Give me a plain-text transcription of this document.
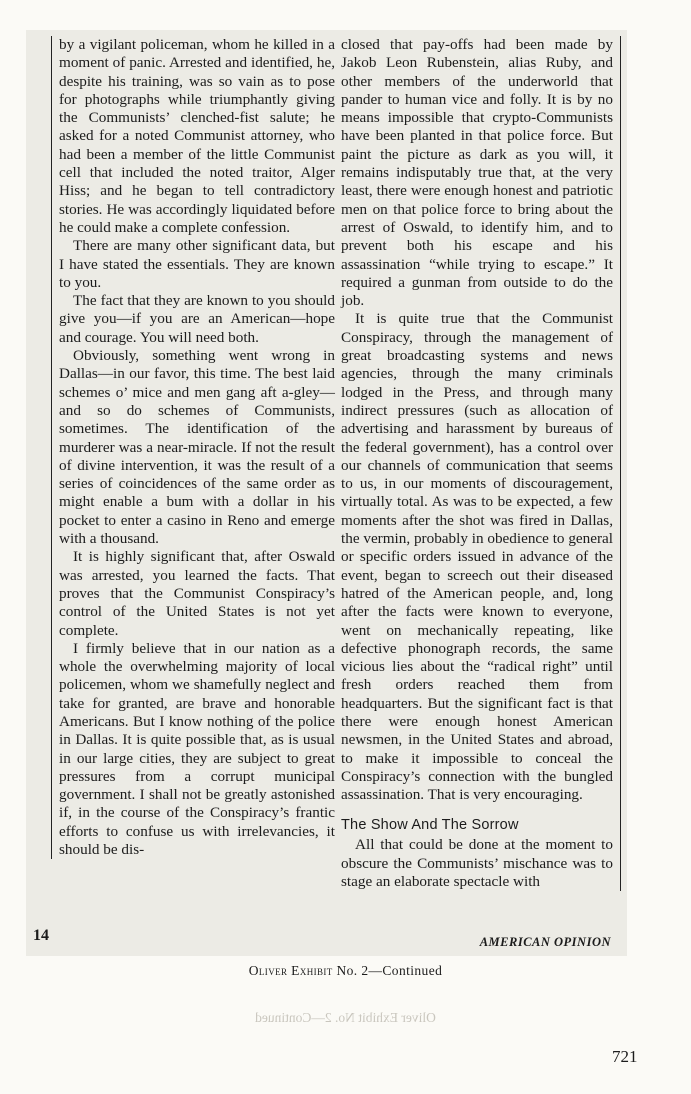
by a vigilant policeman, whom he killed in a moment of panic. Arrested and identified, he, despite his training, was so vain as to pose for photographs while triumphantly giving the Communists’ clenched-fist salute; he asked for a noted Communist attorney, who had been a member of the little Communist cell that included the noted traitor, Alger Hiss; and he began to tell contradictory stories. He was accordingly liquidated before he could make a complete confession.

There are many other significant data, but I have stated the essentials. They are known to you.

The fact that they are known to you should give you—if you are an American—hope and courage. You will need both.

Obviously, something went wrong in Dallas—in our favor, this time. The best laid schemes o’ mice and men gang aft a-gley—and so do schemes of Communists, sometimes. The identification of the murderer was a near-miracle. If not the result of divine intervention, it was the result of a series of coincidences of the same order as might enable a bum with a dollar in his pocket to enter a casino in Reno and emerge with a thousand.

It is highly significant that, after Oswald was arrested, you learned the facts. That proves that the Communist Conspiracy’s control of the United States is not yet complete.

I firmly believe that in our nation as a whole the overwhelming majority of local policemen, whom we shamefully neglect and take for granted, are brave and honorable Americans. But I know nothing of the police in Dallas. It is quite possible that, as is usual in our large cities, they are subject to great pressures from a corrupt municipal government. I shall not be greatly astonished if, in the course of the Conspiracy’s frantic efforts to confuse us with irrelevancies, it should be dis-

closed that pay-offs had been made by Jakob Leon Rubenstein, alias Ruby, and other members of the underworld that pander to human vice and folly. It is by no means impossible that crypto-Communists have been planted in that police force. But paint the picture as dark as you will, it remains indisputably true that, at the very least, there were enough honest and patriotic men on that police force to bring about the arrest of Oswald, to identify him, and to prevent both his escape and his assassination “while trying to escape.” It required a gunman from outside to do the job.

It is quite true that the Communist Conspiracy, through the management of great broadcasting systems and news agencies, through the many criminals lodged in the Press, and through many indirect pressures (such as allocation of advertising and harassment by bureaus of the federal government), has a control over our channels of communication that seems to us, in our moments of discouragement, virtually total. As was to be expected, a few moments after the shot was fired in Dallas, the vermin, probably in obedience to general or specific orders issued in advance of the event, began to screech out their diseased hatred of the American people, and, long after the facts were known to everyone, went on mechanically repeating, like defective phonograph records, the same vicious lies about the “radical right” until fresh orders reached them from headquarters. But the significant fact is that there were enough honest American newsmen, in the United States and abroad, to make it impossible to conceal the Conspiracy’s connection with the bungled assassination. That is very encouraging.

The Show And The Sorrow

All that could be done at the moment to obscure the Communists’ mischance was to stage an elaborate spectacle with

14	AMERICAN OPINION
Oliver Exhibit No. 2—Continued
Oliver Exhibit No. 2—Continued
721
